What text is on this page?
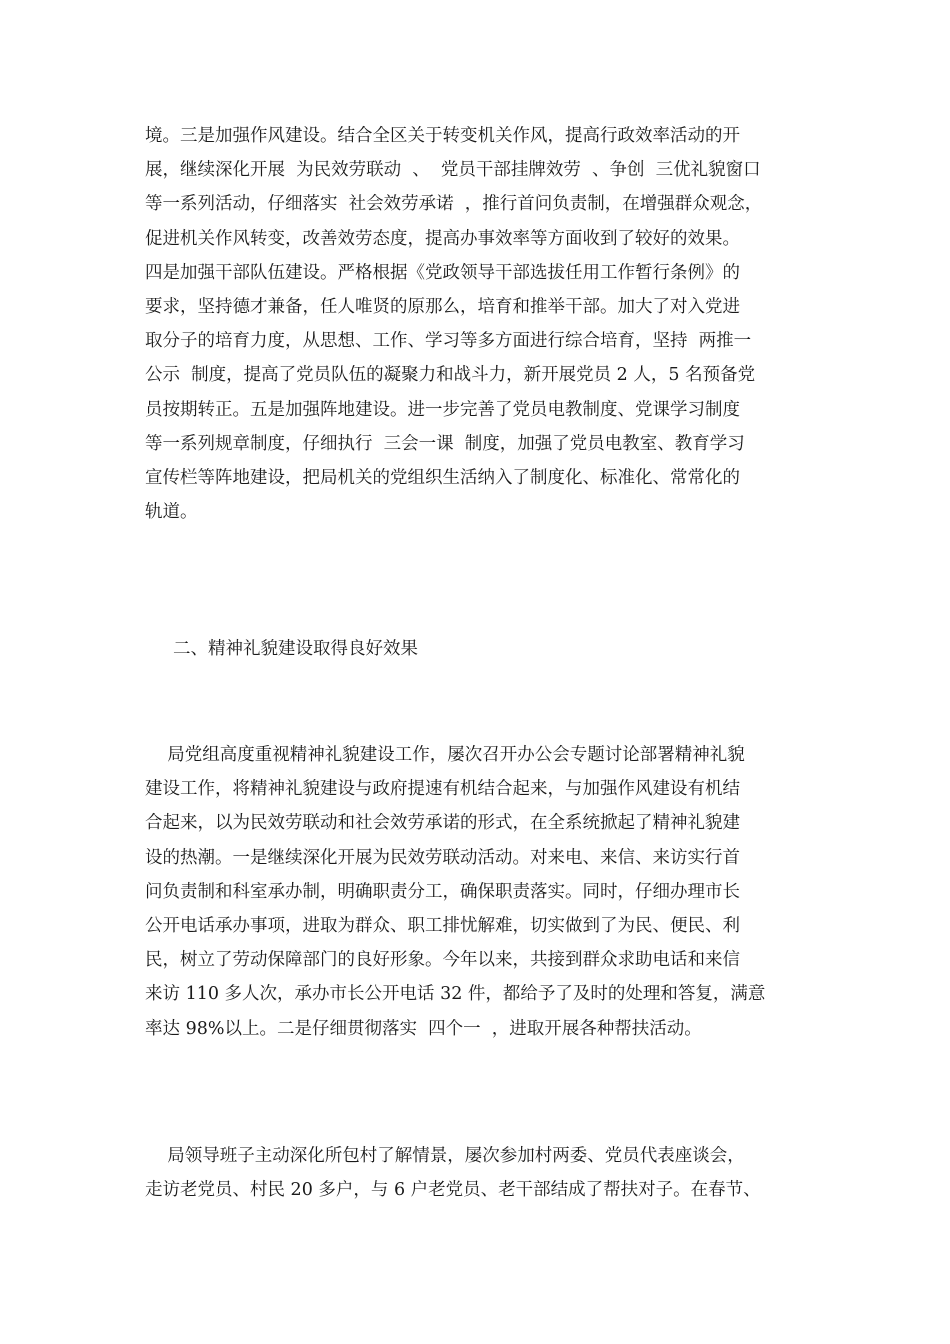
境。三是加强作风建设。结合全区关于转变机关作风，提高行政效率活动的开
展，继续深化开展  为民效劳联动  、  党员干部挂牌效劳  、争创  三优礼貌窗口
等一系列活动，仔细落实  社会效劳承诺  ，推行首问负责制，在增强群众观念，
促进机关作风转变，改善效劳态度，提高办事效率等方面收到了较好的效果。
四是加强干部队伍建设。严格根据《党政领导干部选拔任用工作暂行条例》的
要求，坚持德才兼备，任人唯贤的原那么，培育和推举干部。加大了对入党进
取分子的培育力度，从思想、工作、学习等多方面进行综合培育，坚持  两推一
公示  制度，提高了党员队伍的凝聚力和战斗力，新开展党员 2 人，5 名预备党
员按期转正。五是加强阵地建设。进一步完善了党员电教制度、党课学习制度
等一系列规章制度，仔细执行  三会一课  制度，加强了党员电教室、教育学习
宣传栏等阵地建设，把局机关的党组织生活纳入了制度化、标准化、常常化的
轨道。

二、精神礼貌建设取得良好效果

局党组高度重视精神礼貌建设工作，屡次召开办公会专题讨论部署精神礼貌
建设工作，将精神礼貌建设与政府提速有机结合起来，与加强作风建设有机结
合起来，以为民效劳联动和社会效劳承诺的形式，在全系统掀起了精神礼貌建
设的热潮。一是继续深化开展为民效劳联动活动。对来电、来信、来访实行首
问负责制和科室承办制，明确职责分工，确保职责落实。同时，仔细办理市长
公开电话承办事项，进取为群众、职工排忧解难，切实做到了为民、便民、利
民，树立了劳动保障部门的良好形象。今年以来，共接到群众求助电话和来信
来访 110 多人次，承办市长公开电话 32 件，都给予了及时的处理和答复，满意
率达 98%以上。二是仔细贯彻落实  四个一  ，进取开展各种帮扶活动。

局领导班子主动深化所包村了解情景，屡次参加村两委、党员代表座谈会，
走访老党员、村民 20 多户，与 6 户老党员、老干部结成了帮扶对子。在春节、
